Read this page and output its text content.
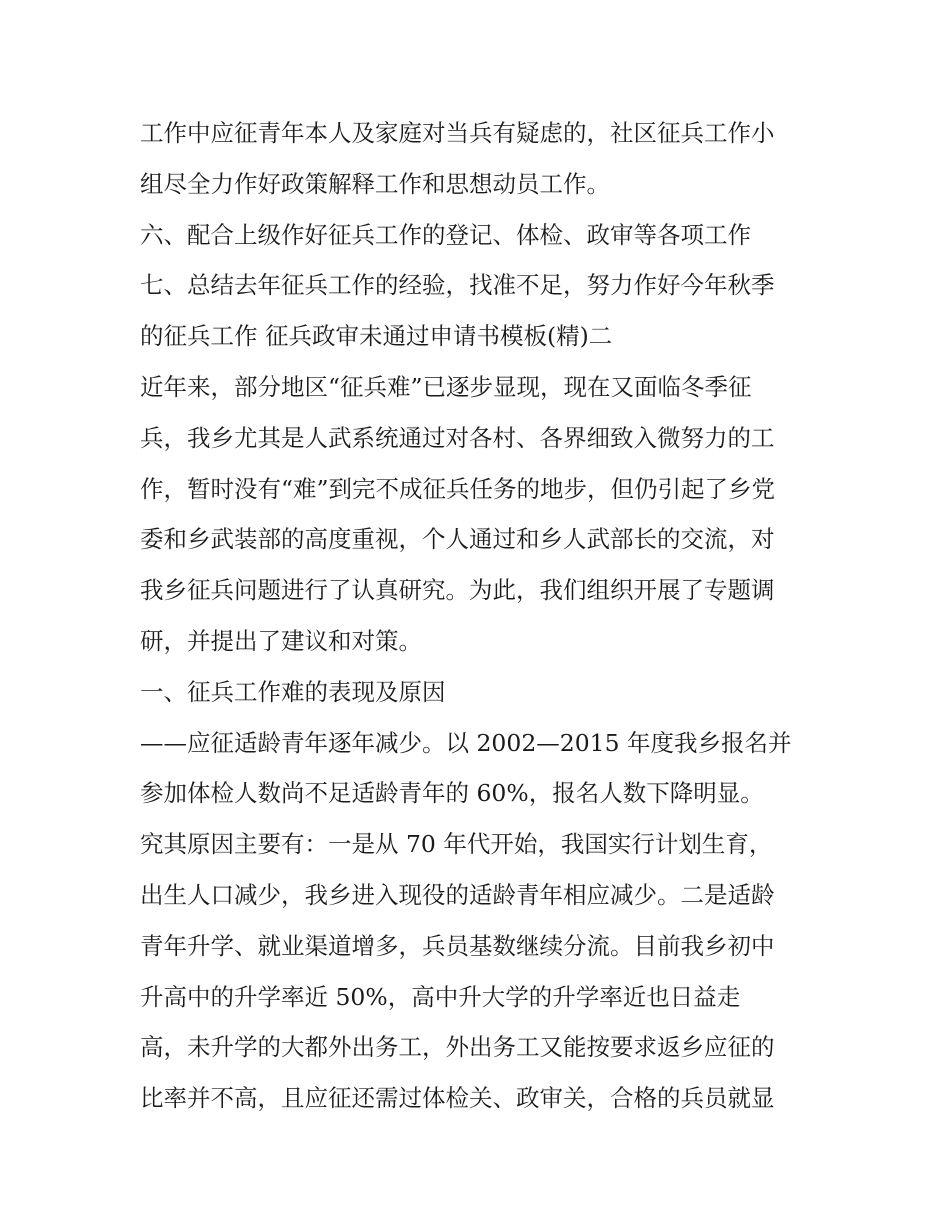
工作中应征青年本人及家庭对当兵有疑虑的，社区征兵工作小
组尽全力作好政策解释工作和思想动员工作。
六、配合上级作好征兵工作的登记、体检、政审等各项工作
七、总结去年征兵工作的经验，找准不足，努力作好今年秋季
的征兵工作 征兵政审未通过申请书模板(精)二
近年来，部分地区“征兵难”已逐步显现，现在又面临冬季征
兵，我乡尤其是人武系统通过对各村、各界细致入微努力的工
作，暂时没有“难”到完不成征兵任务的地步，但仍引起了乡党
委和乡武装部的高度重视，个人通过和乡人武部长的交流，对
我乡征兵问题进行了认真研究。为此，我们组织开展了专题调
研，并提出了建议和对策。
一、征兵工作难的表现及原因
——应征适龄青年逐年减少。以 2002—2015 年度我乡报名并
参加体检人数尚不足适龄青年的 60%，报名人数下降明显。
究其原因主要有：一是从 70 年代开始，我国实行计划生育，
出生人口减少，我乡进入现役的适龄青年相应减少。二是适龄
青年升学、就业渠道增多，兵员基数继续分流。目前我乡初中
升高中的升学率近 50%，高中升大学的升学率近也日益走
高，未升学的大都外出务工，外出务工又能按要求返乡应征的
比率并不高，且应征还需过体检关、政审关，合格的兵员就显
